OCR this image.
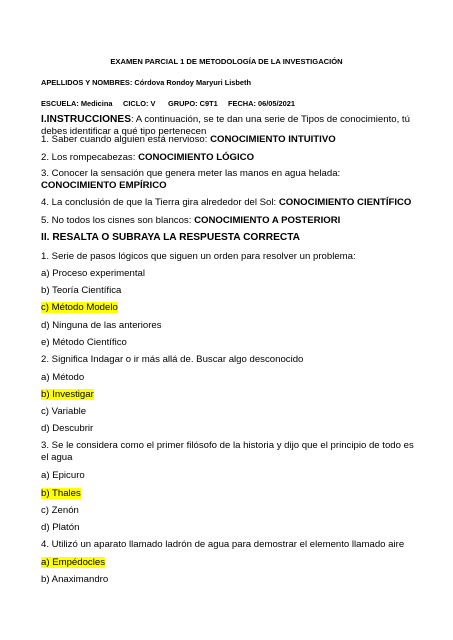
EXAMEN PARCIAL 1 DE METODOLOGÍA DE LA INVESTIGACIÓN
APELLIDOS Y NOMBRES: Córdova Rondoy Maryuri Lisbeth
ESCUELA: Medicina CICLO: V GRUPO: C9T1 FECHA: 06/05/2021
I.INSTRUCCIONES: A continuación, se te dan una serie de Tipos de conocimiento, tú debes identificar a qué tipo pertenecen
1. Saber cuando alguien está nervioso: CONOCIMIENTO INTUITIVO
2. Los rompecabezas: CONOCIMIENTO LÓGICO
3. Conocer la sensación que genera meter las manos en agua helada: CONOCIMIENTO EMPÍRICO
4. La conclusión de que la Tierra gira alrededor del Sol: CONOCIMIENTO CIENTÍFICO
5. No todos los cisnes son blancos: CONOCIMIENTO A POSTERIORI
II. RESALTA O SUBRAYA LA RESPUESTA CORRECTA
1. Serie de pasos lógicos que siguen un orden para resolver un problema:
a) Proceso experimental
b) Teoría Científica
c) Método Modelo
d) Ninguna de las anteriores
e) Método Científico
2. Significa Indagar o ir más allá de. Buscar algo desconocido
a) Método
b) Investigar
c) Variable
d) Descubrir
3. Se le considera como el primer filósofo de la historia y dijo que el principio de todo es el agua
a) Epicuro
b) Thales
c) Zenón
d) Platón
4. Utilizó un aparato llamado ladrón de agua para demostrar el elemento llamado aire
a) Empédocles
b) Anaximandro
